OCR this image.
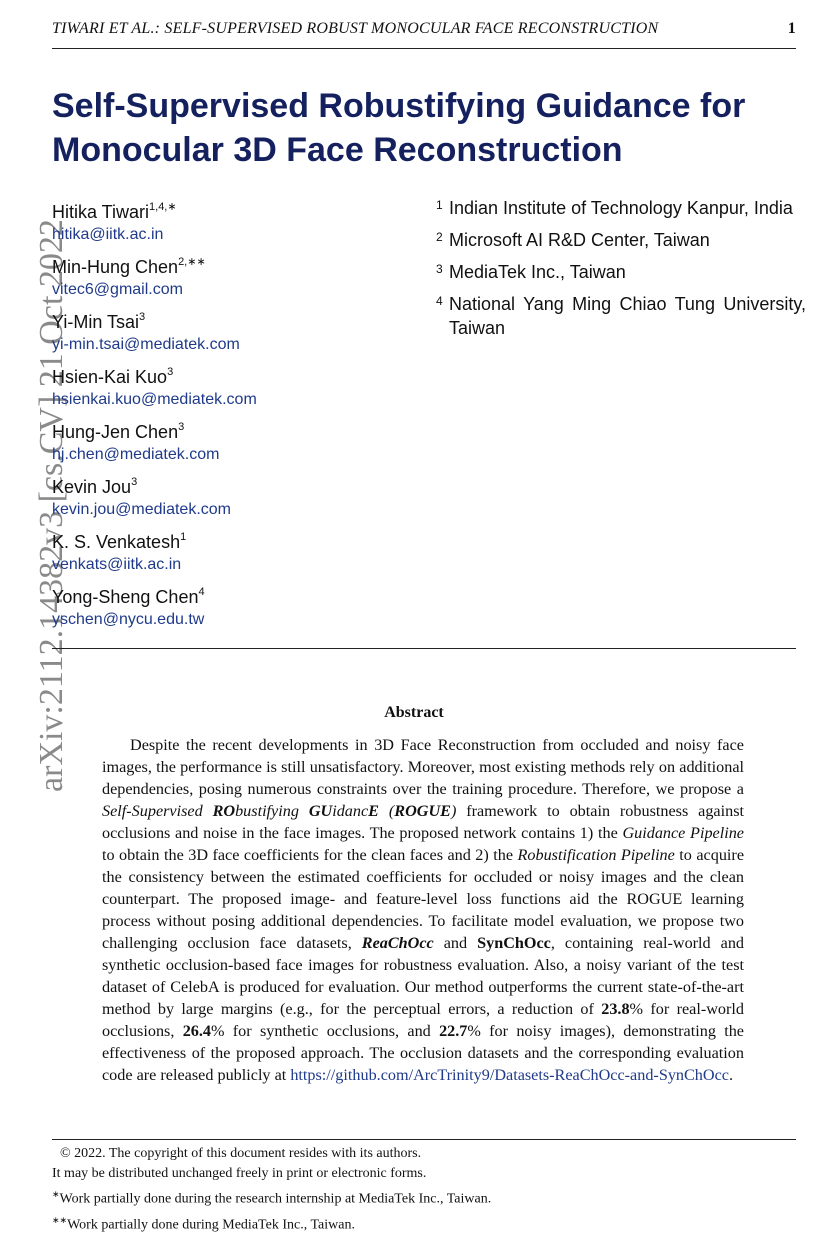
TIWARI ET AL.: SELF-SUPERVISED ROBUST MONOCULAR FACE RECONSTRUCTION	1
arXiv:2112.14382v3 [cs.CV] 21 Oct 2022
Self-Supervised Robustifying Guidance for
Monocular 3D Face Reconstruction
Hitika Tiwari$^{1,4,∗}$
hitika@iitk.ac.in
Min-Hung Chen$^{2,∗∗}$
vitec6@gmail.com
Yi-Min Tsai$^3$
yi-min.tsai@mediatek.com
Hsien-Kai Kuo$^3$
hsienkai.kuo@mediatek.com
Hung-Jen Chen$^3$
hj.chen@mediatek.com
Kevin Jou$^3$
kevin.jou@mediatek.com
K. S. Venkatesh$^1$
venkats@iitk.ac.in
Yong-Sheng Chen$^4$
yschen@nycu.edu.tw
1 Indian Institute of Technology Kanpur, India
2 Microsoft AI R&D Center, Taiwan
3 MediaTek Inc., Taiwan
4 National Yang Ming Chiao Tung University, Taiwan
Abstract
Despite the recent developments in 3D Face Reconstruction from occluded and noisy face images, the performance is still unsatisfactory. Moreover, most existing methods rely on additional dependencies, posing numerous constraints over the training procedure. Therefore, we propose a Self-Supervised RObustifying GUidancE (ROGUE) framework to obtain robustness against occlusions and noise in the face images. The proposed network contains 1) the Guidance Pipeline to obtain the 3D face coefficients for the clean faces and 2) the Robustification Pipeline to acquire the consistency between the estimated coefficients for occluded or noisy images and the clean counterpart. The proposed image- and feature-level loss functions aid the ROGUE learning process without posing additional dependencies. To facilitate model evaluation, we propose two challenging occlusion face datasets, ReaChOcc and SynChOcc, containing real-world and synthetic occlusion-based face images for robustness evaluation. Also, a noisy variant of the test dataset of CelebA is produced for evaluation. Our method outperforms the current state-of-the-art method by large margins (e.g., for the perceptual errors, a reduction of 23.8% for real-world occlusions, 26.4% for synthetic occlusions, and 22.7% for noisy images), demonstrating the effectiveness of the proposed approach. The occlusion datasets and the corresponding evaluation code are released publicly at https://github.com/ArcTrinity9/Datasets-ReaChOcc-and-SynChOcc.
© 2022. The copyright of this document resides with its authors.
It may be distributed unchanged freely in print or electronic forms.
∗Work partially done during the research internship at MediaTek Inc., Taiwan.
∗∗Work partially done during MediaTek Inc., Taiwan.
